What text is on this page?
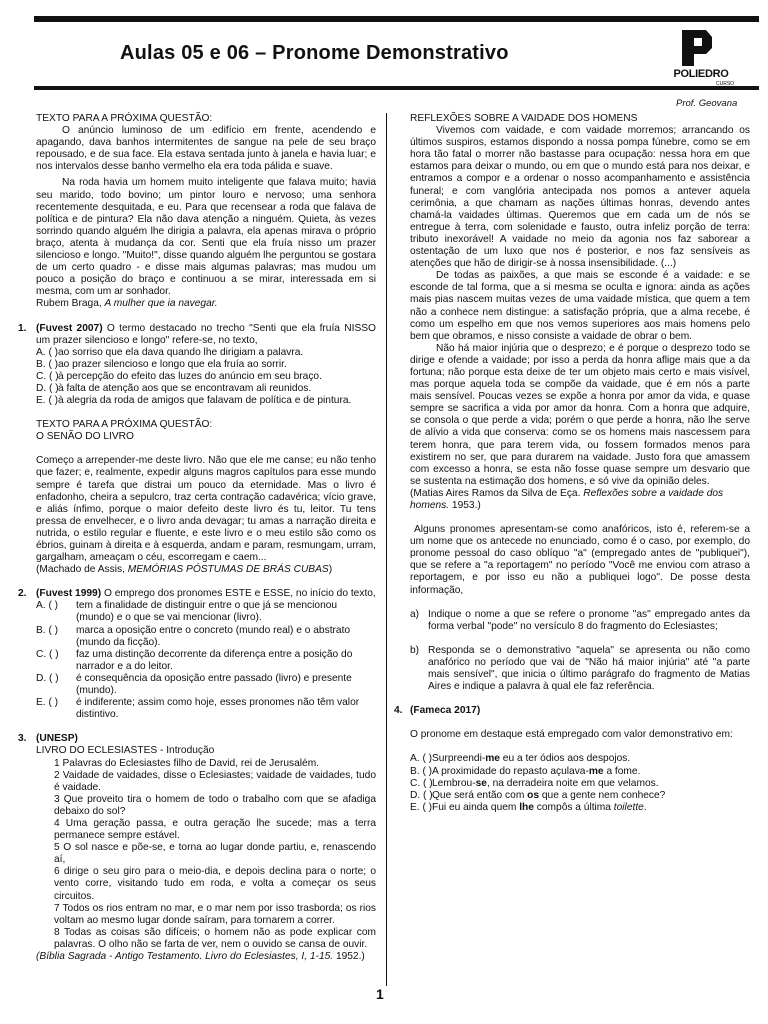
Aulas 05 e 06 – Pronome Demonstrativo
POLIEDRO
CURSO
Prof. Geovana

TEXTO PARA A PRÓXIMA QUESTÃO:

O anúncio luminoso de um edifício em frente, acendendo e apagando, dava banhos intermitentes de sangue na pele de seu braço repousado, e de sua face. Ela estava sentada junto à janela e havia luar; e nos intervalos desse banho vermelho ela era toda pálida e suave.

Na roda havia um homem muito inteligente que falava muito; havia seu marido, todo bovino; um pintor louro e nervoso; uma senhora recentemente desquitada, e eu. Para que recensear a roda que falava de política e de pintura? Ela não dava atenção a ninguém. Quieta, às vezes sorrindo quando alguém lhe dirigia a palavra, ela apenas mirava o próprio braço, atenta à mudança da cor. Senti que ela fruía nisso um prazer silencioso e longo. "Muito!", disse quando alguém lhe perguntou se gostara de um certo quadro - e disse mais algumas palavras; mas mudou um pouco a posição do braço e continuou a se mirar, interessada em si mesma, com um ar sonhador.

Rubem Braga, A mulher que ia navegar.

1. (Fuvest 2007) O termo destacado no trecho "Senti que ela fruía NISSO um prazer silencioso e longo" refere-se, no texto,

A. ( ) ao sorriso que ela dava quando lhe dirigiam a palavra.
B. ( ) ao prazer silencioso e longo que ela fruía ao sorrir.
C. ( ) à percepção do efeito das luzes do anúncio em seu braço.
D. ( ) à falta de atenção aos que se encontravam ali reunidos.
E. ( ) à alegria da roda de amigos que falavam de política e de pintura.

TEXTO PARA A PRÓXIMA QUESTÃO:

O SENÃO DO LIVRO

Começo a arrepender-me deste livro. Não que ele me canse; eu não tenho que fazer; e, realmente, expedir alguns magros capítulos para esse mundo sempre é tarefa que distrai um pouco da eternidade. Mas o livro é enfadonho, cheira a sepulcro, traz certa contração cadavérica; vício grave, e aliás ínfimo, porque o maior defeito deste livro és tu, leitor. Tu tens pressa de envelhecer, e o livro anda devagar; tu amas a narração direita e nutrida, o estilo regular e fluente, e este livro e o meu estilo são como os ébrios, guinam à direita e à esquerda, andam e param, resmungam, urram, gargalham, ameaçam o céu, escorregam e caem...

(Machado de Assis, MEMÓRIAS PÓSTUMAS DE BRÁS CUBAS)

2. (Fuvest 1999) O emprego dos pronomes ESTE e ESSE, no início do texto,

A. ( ) tem a finalidade de distinguir entre o que já se mencionou (mundo) e o que se vai mencionar (livro).
B. ( ) marca a oposição entre o concreto (mundo real) e o abstrato (mundo da ficção).
C. ( ) faz uma distinção decorrente da diferença entre a posição do narrador e a do leitor.
D. ( ) é consequência da oposição entre passado (livro) e presente (mundo).
E. ( ) é indiferente; assim como hoje, esses pronomes não têm valor distintivo.
3. (UNESP)

LIVRO DO ECLESIASTES - Introdução

1 Palavras do Eclesiastes filho de David, rei de Jerusalém.
2 Vaidade de vaidades, disse o Eclesiastes; vaidade de vaidades, tudo é vaidade.
3 Que proveito tira o homem de todo o trabalho com que se afadiga debaixo do sol?
4 Uma geração passa, e outra geração lhe sucede; mas a terra permanece sempre estável.
5 O sol nasce e põe-se, e torna ao lugar donde partiu, e, renascendo aí,
6 dirige o seu giro para o meio-dia, e depois declina para o norte; o vento corre, visitando tudo em roda, e volta a começar os seus circuitos.
7 Todos os rios entram no mar, e o mar nem por isso trasborda; os rios voltam ao mesmo lugar donde saíram, para tornarem a correr.
8 Todas as coisas são difíceis; o homem não as pode explicar com palavras. O olho não se farta de ver, nem o ouvido se cansa de ouvir.

(Bíblia Sagrada - Antigo Testamento. Livro do Eclesiastes, I, 1-15. 1952.)

REFLEXÕES SOBRE A VAIDADE DOS HOMENS

Vivemos com vaidade, e com vaidade morremos; arrancando os últimos suspiros, estamos dispondo a nossa pompa fúnebre, como se em hora tão fatal o morrer não bastasse para ocupação: nessa hora em que estamos para deixar o mundo, ou em que o mundo está para nos deixar, e entramos a compor e a ordenar o nosso acompanhamento e assistência funeral; e com vanglória antecipada nos pomos a antever aquela cerimônia, a que chamam as nações últimas honras, devendo antes chamá-la vaidades últimas. Queremos que em cada um de nós se entregue à terra, com solenidade e fausto, outra infeliz porção de terra: tributo inexorável! A vaidade no meio da agonia nos faz saborear a ostentação de um luxo que nos é posterior, e nos faz sensíveis as atenções que hão de dirigir-se à nossa insensibilidade. (...)

De todas as paixões, a que mais se esconde é a vaidade: e se esconde de tal forma, que a si mesma se oculta e ignora: ainda as ações mais pias nascem muitas vezes de uma vaidade mística, que quem a tem não a conhece nem distingue: a satisfação própria, que a alma recebe, é como um espelho em que nos vemos superiores aos mais homens pelo bem que obramos, e nisso consiste a vaidade de obrar o bem.

Não há maior injúria que o desprezo; e é porque o desprezo todo se dirige e ofende a vaidade; por isso a perda da honra aflige mais que a da fortuna; não porque esta deixe de ter um objeto mais certo e mais visível, mas porque aquela toda se compõe da vaidade, que é em nós a parte mais sensível. Poucas vezes se expõe a honra por amor da vida, e quase sempre se sacrifica a vida por amor da honra. Com a honra que adquire, se consola o que perde a vida; porém o que perde a honra, não lhe serve de alívio a vida que conserva: como se os homens mais nascessem para terem honra, que para terem vida, ou fossem formados menos para existirem no ser, que para durarem na vaidade. Justo fora que amassem com excesso a honra, se esta não fosse quase sempre um desvario que se sustenta na estimação dos homens, e só vive da opinião deles.

(Matias Aires Ramos da Silva de Eça. Reflexões sobre a vaidade dos homens. 1953.)

Alguns pronomes apresentam-se como anafóricos, isto é, referem-se a um nome que os antecede no enunciado, como é o caso, por exemplo, do pronome pessoal do caso oblíquo "a" (empregado antes de "publiquei"), que se refere a "a reportagem" no período "Você me enviou com atraso a reportagem, e por isso eu não a publiquei logo". De posse desta informação,

a) Indique o nome a que se refere o pronome "as" empregado antes da forma verbal "pode" no versículo 8 do fragmento do Eclesiastes;
b) Responda se o demonstrativo "aquela" se apresenta ou não como anafórico no período que vai de "Não há maior injúria" até "a parte mais sensível", que inicia o último parágrafo do fragmento de Matias Aires e indique a palavra à qual ele faz referência.
4. (Fameca 2017)

O pronome em destaque está empregado com valor demonstrativo em:

A. ( ) Surpreendi-me eu a ter ódios aos despojos.
B. ( ) A proximidade do repasto açulava-me a fome.
C. ( ) Lembrou-se, na derradeira noite em que velamos.
D. ( ) Que será então com os que a gente nem conhece?
E. ( ) Fui eu ainda quem lhe compôs a última toilette.
1
